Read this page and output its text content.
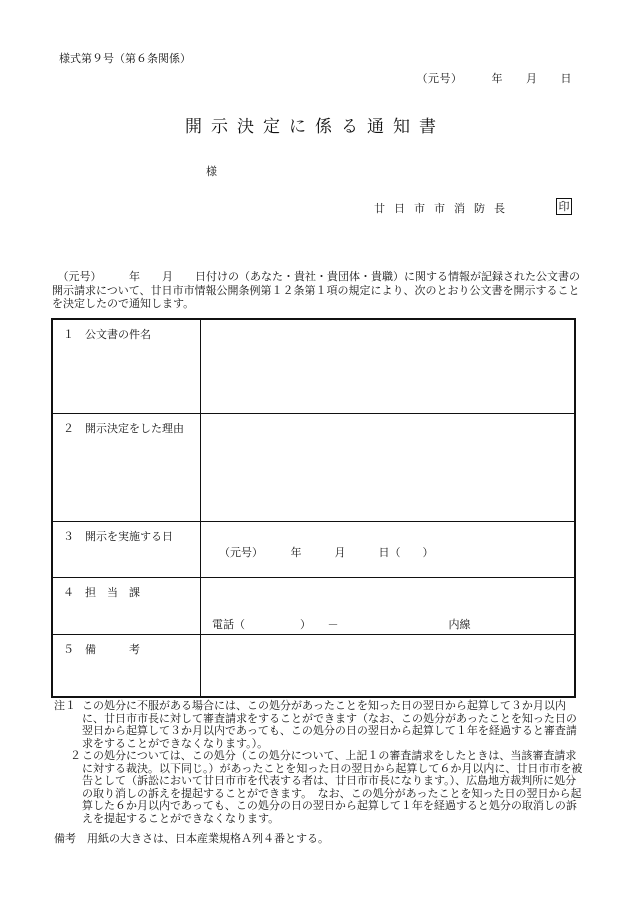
様式第９号（第６条関係）
（元号）　　　年　　月　　日
開示決定に係る通知書
様
廿日市市消防長	印
　（元号）　　　年　　月　　日付けの（あなた・貴社・貴団体・貴職）に関する情報が記録された公文書の開示請求について、廿日市市情報公開条例第１２条第１項の規定により、次のとおり公文書を開示することを決定したので通知します。
１ 公文書の件名
２ 開示決定をした理由
３ 開示を実施する日
（元号）　　　年　　　月　　　日（　　）
４ 担　当　課
電話（　　　　　）　　－　　　　　　　　　　内線
５ 備　　　考
注１ この処分に不服がある場合には、この処分があったことを知った日の翌日から起算して３か月以内に、廿日市市長に対して審査請求をすることができます（なお、この処分があったことを知った日の翌日から起算して３か月以内であっても、この処分の日の翌日から起算して１年を経過すると審査請求をすることができなくなります。）。
２ この処分については、この処分（この処分について、上記１の審査請求をしたときは、当該審査請求に対する裁決。以下同じ。）があったことを知った日の翌日から起算して６か月以内に、廿日市市を被告として（訴訟において廿日市市を代表する者は、廿日市市長になります。）、広島地方裁判所に処分の取り消しの訴えを提起することができます。　なお、この処分があったことを知った日の翌日から起算した６か月以内であっても、この処分の日の翌日から起算して１年を経過すると処分の取消しの訴えを提起することができなくなります。
備考　用紙の大きさは、日本産業規格Ａ列４番とする。
